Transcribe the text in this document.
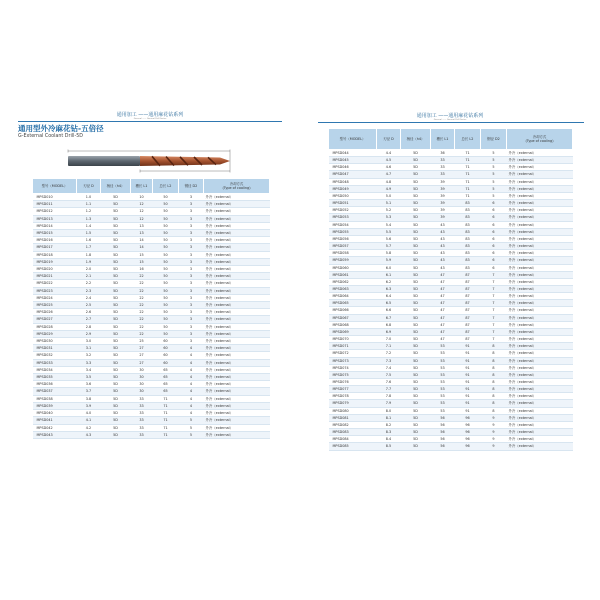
通用加工 ——通用麻花钻系列
General —— General Drill Series
通用型外冷麻花钻-五倍径
G-External Coolant Drill-5D
型号（MODEL）	刃径 D	柄径（h4）	槽长 L1	总长 L2	钢径 D2	冷却方式
(Type of cooling)
MPSD010	1.0	5D	10	50	3	外冷（external）
MPSD011	1.1	5D	12	50	3	外冷（external）
MPSD012	1.2	5D	12	50	3	外冷（external）
MPSD013	1.3	5D	12	50	3	外冷（external）
MPSD014	1.4	5D	13	50	3	外冷（external）
MPSD015	1.5	5D	13	50	3	外冷（external）
MPSD016	1.6	5D	14	50	3	外冷（external）
MPSD017	1.7	5D	14	50	3	外冷（external）
MPSD018	1.8	5D	15	50	3	外冷（external）
MPSD019	1.9	5D	15	50	3	外冷（external）
MPSD020	2.0	5D	16	50	3	外冷（external）
MPSD021	2.1	5D	22	50	3	外冷（external）
MPSD022	2.2	5D	22	50	3	外冷（external）
MPSD023	2.3	5D	22	50	3	外冷（external）
MPSD024	2.4	5D	22	50	3	外冷（external）
MPSD025	2.5	5D	22	50	3	外冷（external）
MPSD026	2.6	5D	22	50	3	外冷（external）
MPSD027	2.7	5D	22	50	3	外冷（external）
MPSD028	2.8	5D	22	50	3	外冷（external）
MPSD029	2.9	5D	22	50	3	外冷（external）
MPSD030	3.0	5D	25	60	3	外冷（external）
MPSD031	3.1	5D	27	60	4	外冷（external）
MPSD032	3.2	5D	27	60	4	外冷（external）
MPSD033	3.3	5D	27	60	4	外冷（external）
MPSD034	3.4	5D	30	65	4	外冷（external）
MPSD035	3.5	5D	30	65	4	外冷（external）
MPSD036	3.6	5D	30	65	4	外冷（external）
MPSD037	3.7	5D	30	65	4	外冷（external）
MPSD038	3.8	5D	33	71	4	外冷（external）
MPSD039	3.9	5D	33	71	4	外冷（external）
MPSD040	4.0	5D	33	71	4	外冷（external）
MPSD041	4.1	5D	33	71	5	外冷（external）
MPSD042	4.2	5D	33	71	5	外冷（external）
MPSD043	4.3	5D	33	71	5	外冷（external）
通用加工 ——通用麻花钻系列
General —— General Drill Series
型号（MODEL）	刃径 D	柄径（h4）	槽长 L1	总长 L2	钢径 D2	冷却方式
(Type of cooling)
MPSD044	4.4	5D	36	71	5	外冷（external）
MPSD045	4.5	5D	33	71	5	外冷（external）
MPSD046	4.6	5D	33	71	5	外冷（external）
MPSD047	4.7	5D	33	71	5	外冷（external）
MPSD048	4.8	5D	39	71	5	外冷（external）
MPSD049	4.9	5D	39	71	5	外冷（external）
MPSD050	5.0	5D	39	71	5	外冷（external）
MPSD051	5.1	5D	39	83	6	外冷（external）
MPSD052	5.2	5D	39	83	6	外冷（external）
MPSD053	5.3	5D	39	83	6	外冷（external）
MPSD054	5.4	5D	43	83	6	外冷（external）
MPSD055	5.5	5D	43	83	6	外冷（external）
MPSD056	5.6	5D	43	83	6	外冷（external）
MPSD057	5.7	5D	43	83	6	外冷（external）
MPSD058	5.8	5D	43	83	6	外冷（external）
MPSD059	5.9	5D	43	83	6	外冷（external）
MPSD060	6.0	5D	43	83	6	外冷（external）
MPSD061	6.1	5D	47	87	7	外冷（external）
MPSD062	6.2	5D	47	87	7	外冷（external）
MPSD063	6.3	5D	47	87	7	外冷（external）
MPSD064	6.4	5D	47	87	7	外冷（external）
MPSD065	6.5	5D	47	87	7	外冷（external）
MPSD066	6.6	5D	47	87	7	外冷（external）
MPSD067	6.7	5D	47	87	7	外冷（external）
MPSD068	6.8	5D	47	87	7	外冷（external）
MPSD069	6.9	5D	47	87	7	外冷（external）
MPSD070	7.0	5D	47	87	7	外冷（external）
MPSD071	7.1	5D	53	91	8	外冷（external）
MPSD072	7.2	5D	53	91	8	外冷（external）
MPSD073	7.3	5D	53	91	8	外冷（external）
MPSD074	7.4	5D	53	91	8	外冷（external）
MPSD075	7.5	5D	53	91	8	外冷（external）
MPSD076	7.6	5D	53	91	8	外冷（external）
MPSD077	7.7	5D	53	91	8	外冷（external）
MPSD078	7.8	5D	53	91	8	外冷（external）
MPSD079	7.9	5D	53	91	8	外冷（external）
MPSD080	8.0	5D	53	91	8	外冷（external）
MPSD081	8.1	5D	56	96	9	外冷（external）
MPSD082	8.2	5D	56	96	9	外冷（external）
MPSD083	8.3	5D	56	96	9	外冷（external）
MPSD084	8.4	5D	56	96	9	外冷（external）
MPSD085	8.5	5D	56	96	9	外冷（external）
